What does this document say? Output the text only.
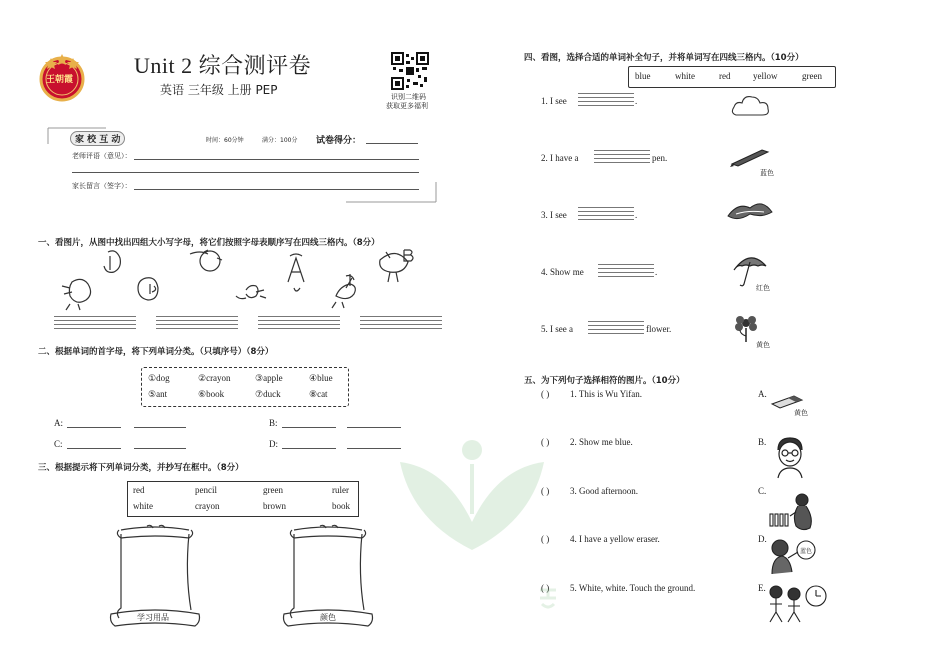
王朝霞
Unit 2 综合测评卷
英语 三年级 上册 PEP	识别二维码
获取更多福利
家 校 互 动	时间：60分钟	满分：100分 试卷得分：
老师评语（意见）：
家长留言（签字）：
一、看图片，从图中找出四组大小写字母，将它们按照字母表顺序写在四线三格内。（8分）
二、根据单词的首字母，将下列单词分类。（只填序号）（8分）
①dog	②crayon	③apple	④blue
⑤ant	⑥book	⑦duck	⑧cat
A:	B:
C:	D:
三、根据提示将下列单词分类，并抄写在框中。（8分）
red	pencil	green	ruler
white	crayon	brown	book
学习用品	颜色
四、看图，选择合适的单词补全句子，并将单词写在四线三格内。（10分）
blue	white	red	yellow	green
1. I see	.
2. I have a	pen.
蓝色
3. I see	.
4. Show me	.
红色
5. I see a	flower.
黄色
五、为下列句子选择相符的图片。（10分）
( ) 1. This is Wu Yifan.	A.
黄色
( ) 2. Show me blue.	B.
( ) 3. Good afternoon.	C.
( ) 4. I have a yellow eraser.	D.
蓝色
( ) 5. White, white. Touch the ground.	E.
